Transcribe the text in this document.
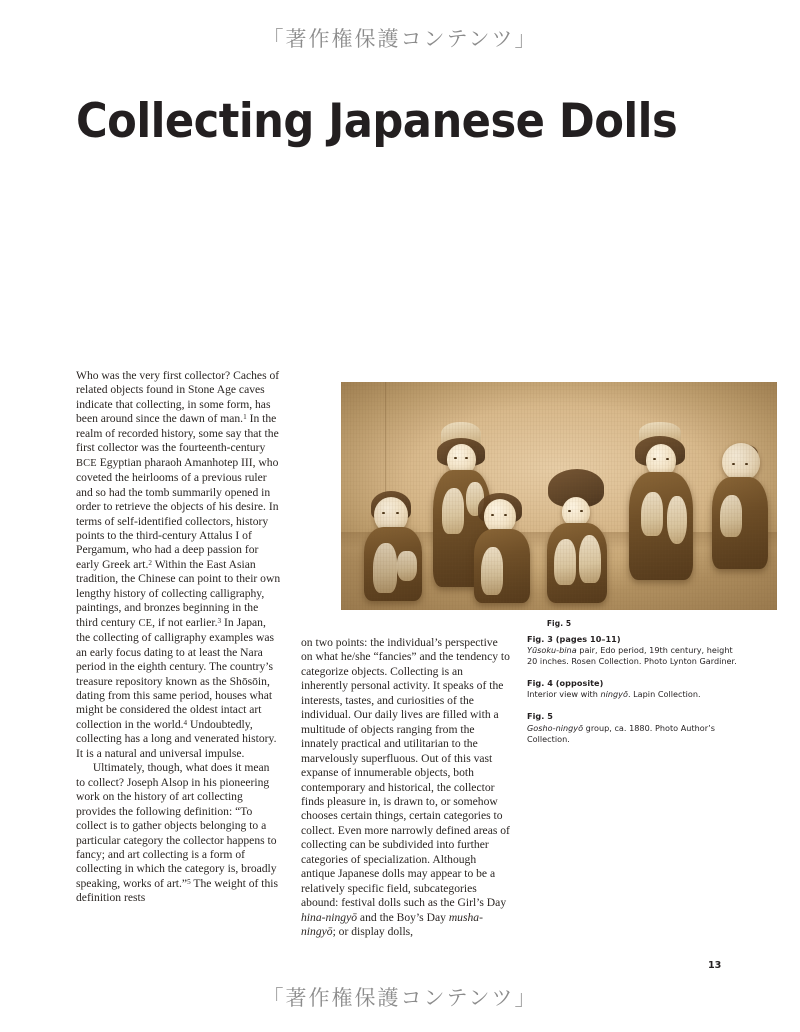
「著作権保護コンテンツ」
Collecting Japanese Dolls
Fig. 5

Who was the very first collector? Caches of related objects found in Stone Age caves indicate that collecting, in some form, has been around since the dawn of man.$^1$ In the realm of recorded history, some say that the first collector was the fourteenth-century BCE Egyptian pharaoh Amanhotep III, who coveted the heirlooms of a previous ruler and so had the tomb summarily opened in order to retrieve the objects of his desire. In terms of self-identified collectors, history points to the third-century Attalus I of Pergamum, who had a deep passion for early Greek art.$^2$ Within the East Asian tradition, the Chinese can point to their own lengthy history of collecting calligraphy, paintings, and bronzes beginning in the third century CE, if not earlier.$^3$ In Japan, the collecting of calligraphy examples was an early focus dating to at least the Nara period in the eighth century. The country’s treasure repository known as the Shōsōin, dating from this same period, houses what might be considered the oldest intact art collection in the world.$^4$ Undoubtedly, collecting has a long and venerated history. It is a natural and universal impulse.

Ultimately, though, what does it mean to collect? Joseph Alsop in his pioneering work on the history of art collecting provides the following definition: “To collect is to gather objects belonging to a particular category the collector happens to fancy; and art collecting is a form of collecting in which the category is, broadly speaking, works of art.”$^5$ The weight of this definition rests

on two points: the individual’s perspective on what he/she “fancies” and the tendency to categorize objects. Collecting is an inherently personal activity. It speaks of the interests, tastes, and curiosities of the individual. Our daily lives are filled with a multitude of objects ranging from the innately practical and utilitarian to the marvelously superfluous. Out of this vast expanse of innumerable objects, both contemporary and historical, the collector finds pleasure in, is drawn to, or somehow chooses certain things, certain categories to collect. Even more narrowly defined areas of collecting can be subdivided into further categories of specialization. Although antique Japanese dolls may appear to be a relatively specific field, subcategories abound: festival dolls such as the Girl’s Day hina-ningyō and the Boy’s Day musha-ningyō; or display dolls,

Fig. 3 (pages 10–11)
Yūsoku-bina pair, Edo period, 19th century, height 20 inches. Rosen Collection. Photo Lynton Gardiner.
Fig. 4 (opposite)
Interior view with ningyō. Lapin Collection.
Fig. 5
Gosho-ningyō group, ca. 1880. Photo Author’s Collection.
13
「著作権保護コンテンツ」
